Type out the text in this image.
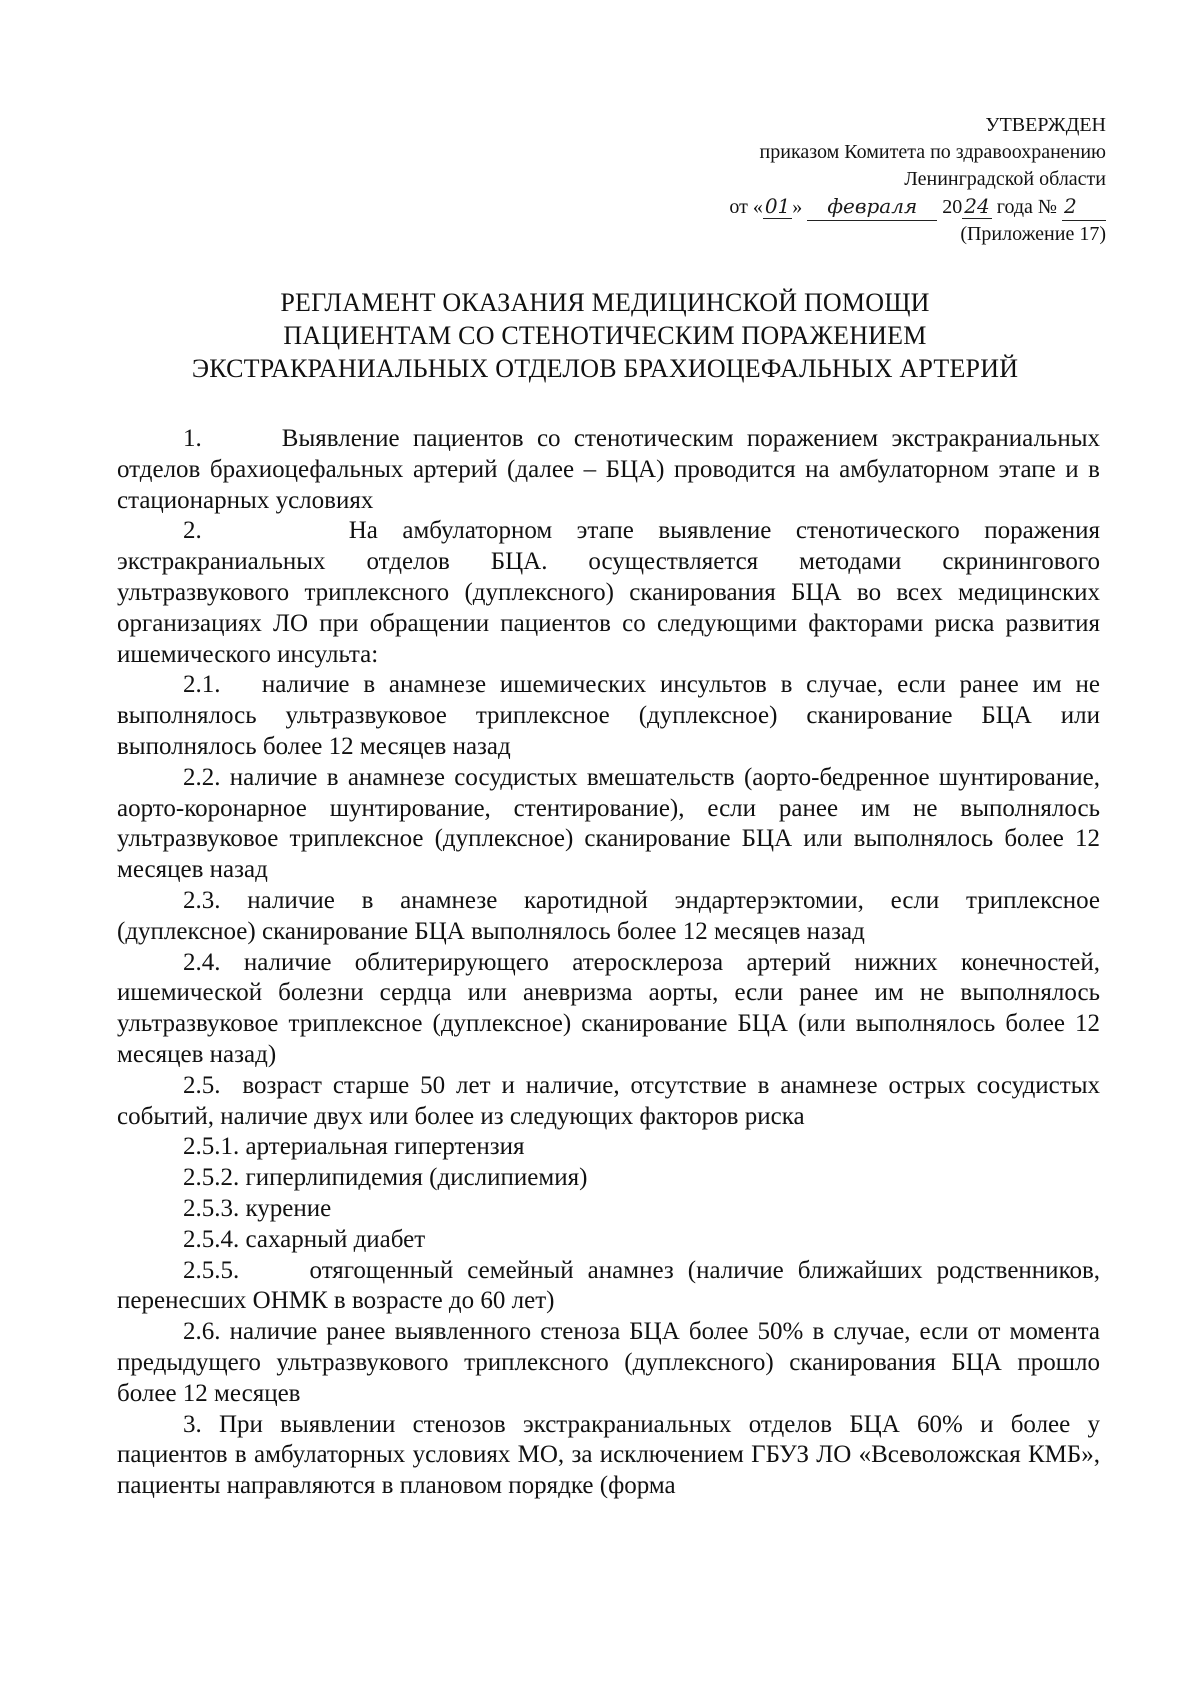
УТВЕРЖДЕН
приказом Комитета по здравоохранению
Ленинградской области
от « 01 » февраля 20 24 года № 2
(Приложение 17)
РЕГЛАМЕНТ ОКАЗАНИЯ МЕДИЦИНСКОЙ ПОМОЩИ
ПАЦИЕНТАМ СО СТЕНОТИЧЕСКИМ ПОРАЖЕНИЕМ
ЭКСТРАКРАНИАЛЬНЫХ ОТДЕЛОВ БРАХИОЦЕФАЛЬНЫХ АРТЕРИЙ

1.      Выявление пациентов со стенотическим поражением экстракраниальных отделов брахиоцефальных артерий (далее – БЦА) проводится на амбулаторном этапе и в стационарных условиях

2.      На амбулаторном этапе выявление стенотического поражения экстракраниальных отделов БЦА. осуществляется методами скринингового ультразвукового триплексного (дуплексного) сканирования БЦА во всех медицинских организациях ЛО при обращении пациентов со следующими факторами риска развития ишемического инсульта:

2.1.   наличие в анамнезе ишемических инсультов в случае, если ранее им не выполнялось ультразвуковое триплексное (дуплексное) сканирование БЦА или выполнялось более 12 месяцев назад

2.2. наличие в анамнезе сосудистых вмешательств (аорто-бедренное шунтирование, аорто-коронарное шунтирование, стентирование), если ранее им не выполнялось ультразвуковое триплексное (дуплексное) сканирование БЦА или выполнялось более 12 месяцев назад

2.3. наличие в анамнезе каротидной эндартерэктомии, если триплексное (дуплексное) сканирование БЦА выполнялось более 12 месяцев назад

2.4. наличие облитерирующего атеросклероза артерий нижних конечностей, ишемической болезни сердца или аневризма аорты, если ранее им не выполнялось ультразвуковое триплексное (дуплексное) сканирование БЦА (или выполнялось более 12 месяцев назад)

2.5.  возраст старше 50 лет и наличие, отсутствие в анамнезе острых сосудистых событий, наличие двух или более из следующих факторов риска

2.5.1. артериальная гипертензия

2.5.2. гиперлипидемия (дислипиемия)

2.5.3. курение

2.5.4. сахарный диабет

2.5.5.     отягощенный семейный анамнез (наличие ближайших родственников, перенесших ОНМК в возрасте до 60 лет)

2.6. наличие ранее выявленного стеноза БЦА более 50% в случае, если от момента предыдущего ультразвукового триплексного (дуплексного) сканирования БЦА прошло более 12 месяцев

3. При выявлении стенозов экстракраниальных отделов БЦА 60% и более у пациентов в амбулаторных условиях МО, за исключением ГБУЗ ЛО «Всеволожская КМБ», пациенты направляются в плановом порядке (форма
